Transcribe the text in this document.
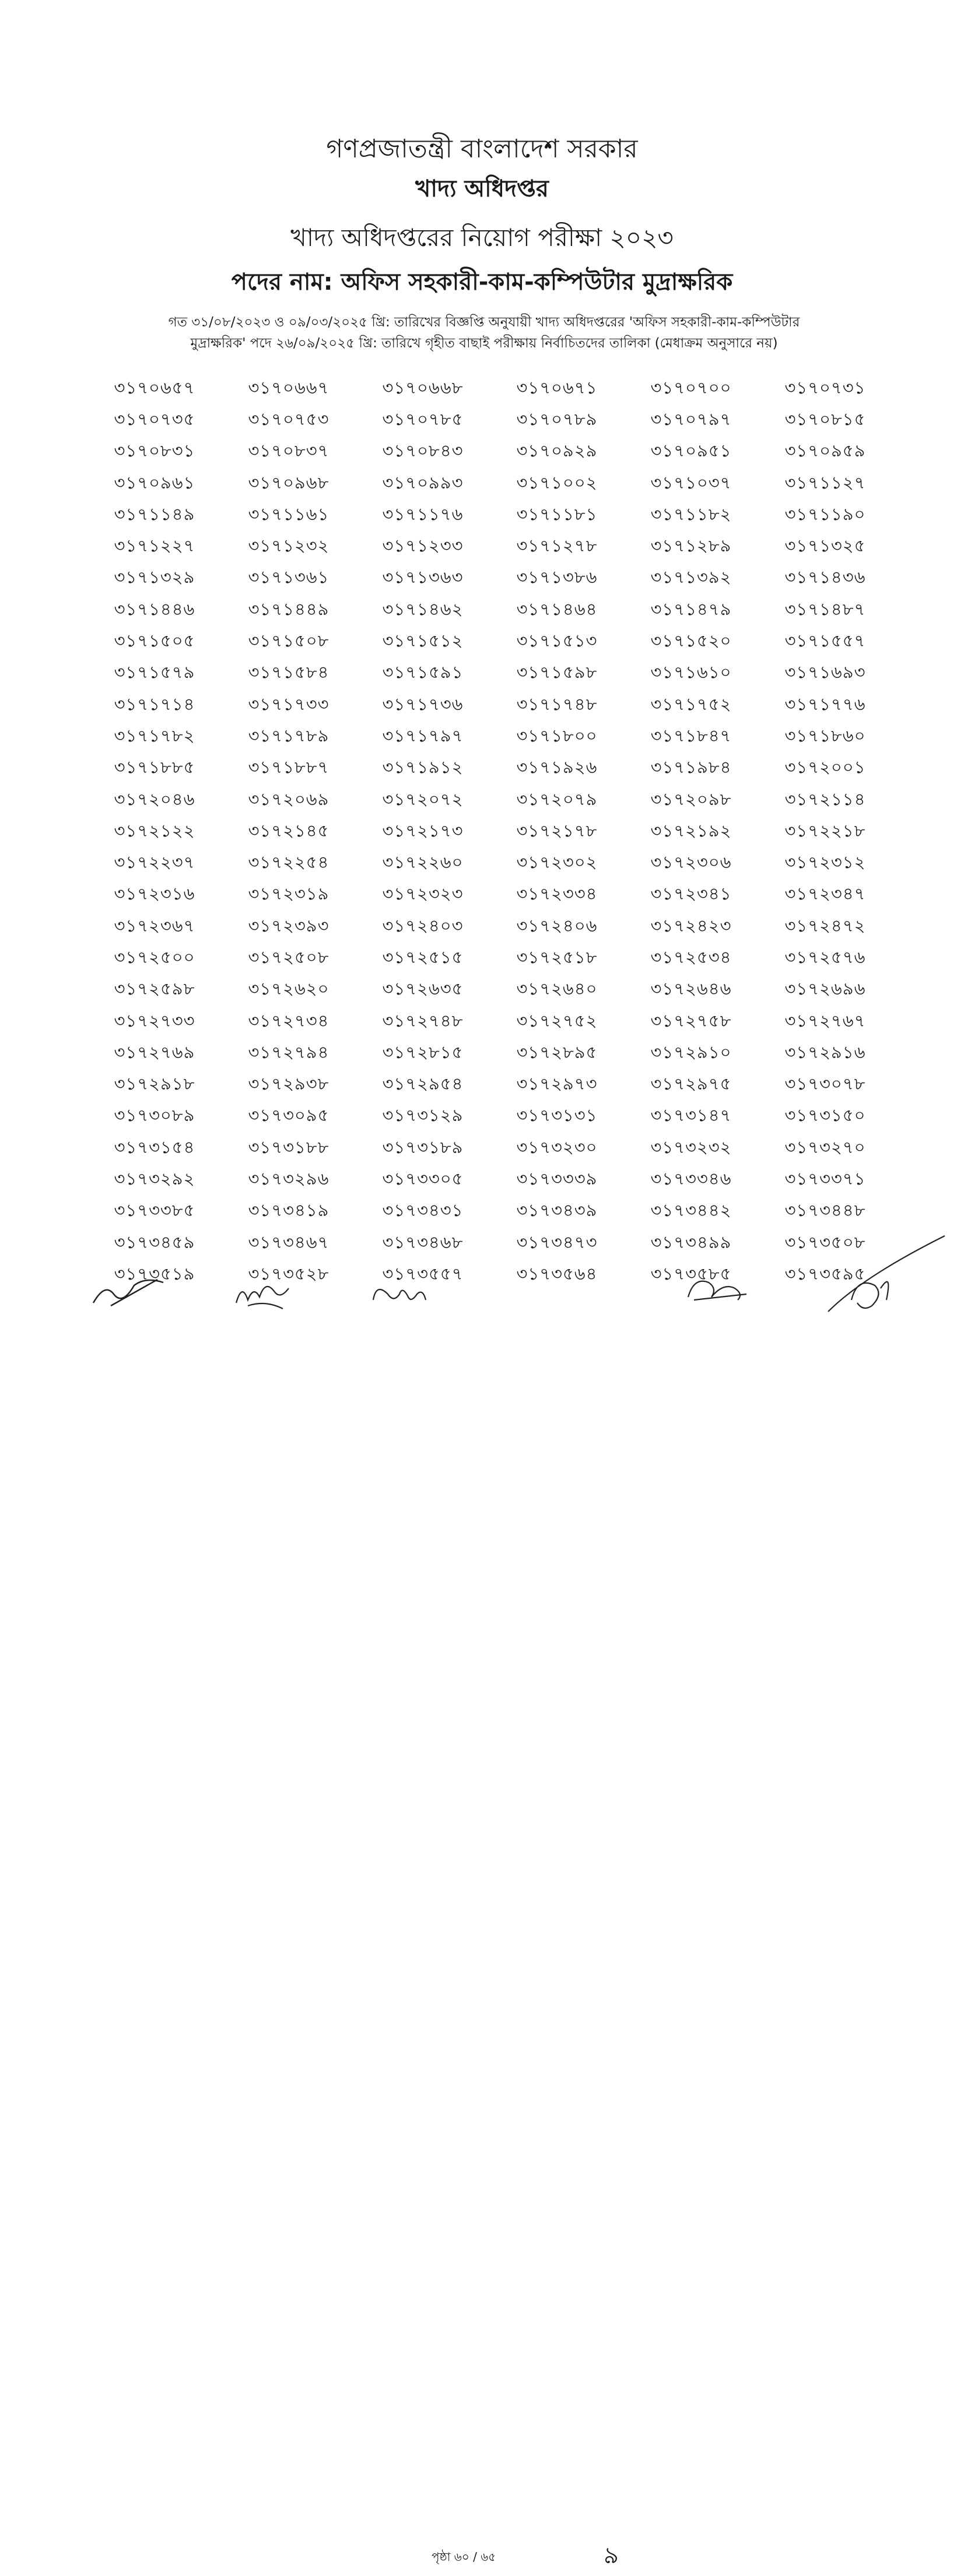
গণপ্রজাতন্ত্রী বাংলাদেশ সরকার
খাদ্য অধিদপ্তর
খাদ্য অধিদপ্তরের নিয়োগ পরীক্ষা ২০২৩
পদের নাম: অফিস সহকারী-কাম-কম্পিউটার মুদ্রাক্ষরিক
গত ৩১/০৮/২০২৩ ও ০৯/০৩/২০২৫ খ্রি: তারিখের বিজ্ঞপ্তি অনুযায়ী খাদ্য অধিদপ্তরের 'অফিস সহকারী-কাম-কম্পিউটার
মুদ্রাক্ষরিক' পদে ২৬/০৯/২০২৫ খ্রি: তারিখে গৃহীত বাছাই পরীক্ষায় নির্বাচিতদের তালিকা (মেধাক্রম অনুসারে নয়)
৩১৭০৬৫৭	৩১৭০৬৬৭	৩১৭০৬৬৮	৩১৭০৬৭১	৩১৭০৭০০	৩১৭০৭৩১
৩১৭০৭৩৫	৩১৭০৭৫৩	৩১৭০৭৮৫	৩১৭০৭৮৯	৩১৭০৭৯৭	৩১৭০৮১৫
৩১৭০৮৩১	৩১৭০৮৩৭	৩১৭০৮৪৩	৩১৭০৯২৯	৩১৭০৯৫১	৩১৭০৯৫৯
৩১৭০৯৬১	৩১৭০৯৬৮	৩১৭০৯৯৩	৩১৭১০০২	৩১৭১০৩৭	৩১৭১১২৭
৩১৭১১৪৯	৩১৭১১৬১	৩১৭১১৭৬	৩১৭১১৮১	৩১৭১১৮২	৩১৭১১৯০
৩১৭১২২৭	৩১৭১২৩২	৩১৭১২৩৩	৩১৭১২৭৮	৩১৭১২৮৯	৩১৭১৩২৫
৩১৭১৩২৯	৩১৭১৩৬১	৩১৭১৩৬৩	৩১৭১৩৮৬	৩১৭১৩৯২	৩১৭১৪৩৬
৩১৭১৪৪৬	৩১৭১৪৪৯	৩১৭১৪৬২	৩১৭১৪৬৪	৩১৭১৪৭৯	৩১৭১৪৮৭
৩১৭১৫০৫	৩১৭১৫০৮	৩১৭১৫১২	৩১৭১৫১৩	৩১৭১৫২০	৩১৭১৫৫৭
৩১৭১৫৭৯	৩১৭১৫৮৪	৩১৭১৫৯১	৩১৭১৫৯৮	৩১৭১৬১০	৩১৭১৬৯৩
৩১৭১৭১৪	৩১৭১৭৩৩	৩১৭১৭৩৬	৩১৭১৭৪৮	৩১৭১৭৫২	৩১৭১৭৭৬
৩১৭১৭৮২	৩১৭১৭৮৯	৩১৭১৭৯৭	৩১৭১৮০০	৩১৭১৮৪৭	৩১৭১৮৬০
৩১৭১৮৮৫	৩১৭১৮৮৭	৩১৭১৯১২	৩১৭১৯২৬	৩১৭১৯৮৪	৩১৭২০০১
৩১৭২০৪৬	৩১৭২০৬৯	৩১৭২০৭২	৩১৭২০৭৯	৩১৭২০৯৮	৩১৭২১১৪
৩১৭২১২২	৩১৭২১৪৫	৩১৭২১৭৩	৩১৭২১৭৮	৩১৭২১৯২	৩১৭২২১৮
৩১৭২২৩৭	৩১৭২২৫৪	৩১৭২২৬০	৩১৭২৩০২	৩১৭২৩০৬	৩১৭২৩১২
৩১৭২৩১৬	৩১৭২৩১৯	৩১৭২৩২৩	৩১৭২৩৩৪	৩১৭২৩৪১	৩১৭২৩৪৭
৩১৭২৩৬৭	৩১৭২৩৯৩	৩১৭২৪০৩	৩১৭২৪০৬	৩১৭২৪২৩	৩১৭২৪৭২
৩১৭২৫০০	৩১৭২৫০৮	৩১৭২৫১৫	৩১৭২৫১৮	৩১৭২৫৩৪	৩১৭২৫৭৬
৩১৭২৫৯৮	৩১৭২৬২০	৩১৭২৬৩৫	৩১৭২৬৪০	৩১৭২৬৪৬	৩১৭২৬৯৬
৩১৭২৭৩৩	৩১৭২৭৩৪	৩১৭২৭৪৮	৩১৭২৭৫২	৩১৭২৭৫৮	৩১৭২৭৬৭
৩১৭২৭৬৯	৩১৭২৭৯৪	৩১৭২৮১৫	৩১৭২৮৯৫	৩১৭২৯১০	৩১৭২৯১৬
৩১৭২৯১৮	৩১৭২৯৩৮	৩১৭২৯৫৪	৩১৭২৯৭৩	৩১৭২৯৭৫	৩১৭৩০৭৮
৩১৭৩০৮৯	৩১৭৩০৯৫	৩১৭৩১২৯	৩১৭৩১৩১	৩১৭৩১৪৭	৩১৭৩১৫০
৩১৭৩১৫৪	৩১৭৩১৮৮	৩১৭৩১৮৯	৩১৭৩২৩০	৩১৭৩২৩২	৩১৭৩২৭০
৩১৭৩২৯২	৩১৭৩২৯৬	৩১৭৩৩০৫	৩১৭৩৩৩৯	৩১৭৩৩৪৬	৩১৭৩৩৭১
৩১৭৩৩৮৫	৩১৭৩৪১৯	৩১৭৩৪৩১	৩১৭৩৪৩৯	৩১৭৩৪৪২	৩১৭৩৪৪৮
৩১৭৩৪৫৯	৩১৭৩৪৬৭	৩১৭৩৪৬৮	৩১৭৩৪৭৩	৩১৭৩৪৯৯	৩১৭৩৫০৮
৩১৭৩৫১৯	৩১৭৩৫২৮	৩১৭৩৫৫৭	৩১৭৩৫৬৪	৩১৭৩৫৮৫	৩১৭৩৫৯৫
পৃষ্ঠা ৬০ / ৬৫	৯
